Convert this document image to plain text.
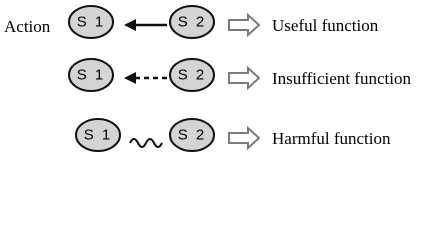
Action S 1	S 2	Useful function
S 1	S 2	Insufficient function
S 1	S 2	Harmful function
